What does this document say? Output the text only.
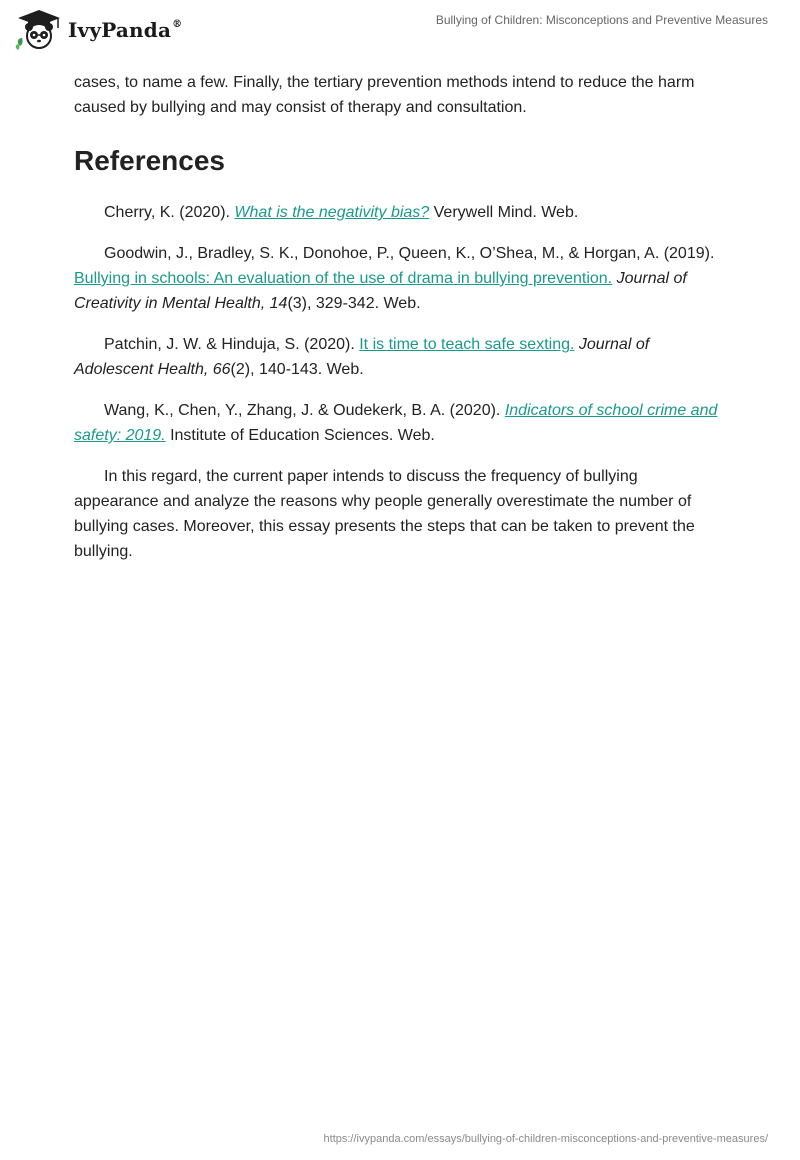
IvyPanda®	Bullying of Children: Misconceptions and Preventive Measures

cases, to name a few. Finally, the tertiary prevention methods intend to reduce the harm caused by bullying and may consist of therapy and consultation.

References

Cherry, K. (2020). What is the negativity bias? Verywell Mind. Web.

Goodwin, J., Bradley, S. K., Donohoe, P., Queen, K., O’Shea, M., & Horgan, A. (2019). Bullying in schools: An evaluation of the use of drama in bullying prevention. Journal of Creativity in Mental Health, 14(3), 329-342. Web.

Patchin, J. W. & Hinduja, S. (2020). It is time to teach safe sexting. Journal of Adolescent Health, 66(2), 140-143. Web.

Wang, K., Chen, Y., Zhang, J. & Oudekerk, B. A. (2020). Indicators of school crime and safety: 2019. Institute of Education Sciences. Web.

In this regard, the current paper intends to discuss the frequency of bullying appearance and analyze the reasons why people generally overestimate the number of bullying cases. Moreover, this essay presents the steps that can be taken to prevent the bullying.

https://ivypanda.com/essays/bullying-of-children-misconceptions-and-preventive-measures/
